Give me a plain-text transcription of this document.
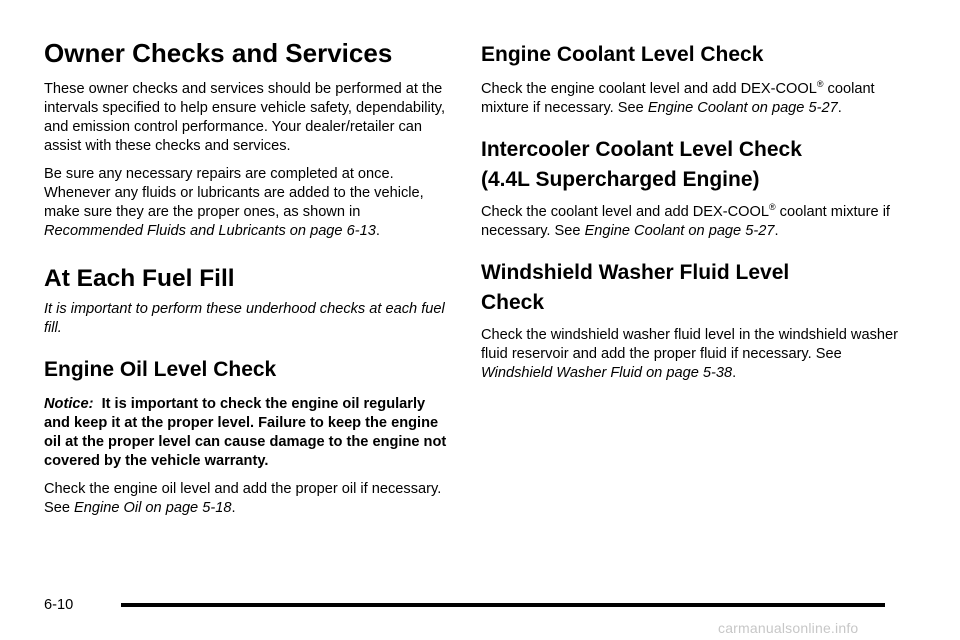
Owner Checks and Services

These owner checks and services should be performed at the intervals specified to help ensure vehicle safety, dependability, and emission control performance. Your dealer/retailer can assist with these checks and services.

Be sure any necessary repairs are completed at once. Whenever any fluids or lubricants are added to the vehicle, make sure they are the proper ones, as shown in Recommended Fluids and Lubricants on page 6-13.

At Each Fuel Fill

It is important to perform these underhood checks at each fuel fill.

Engine Oil Level Check

Notice: It is important to check the engine oil regularly and keep it at the proper level. Failure to keep the engine oil at the proper level can cause damage to the engine not covered by the vehicle warranty.

Check the engine oil level and add the proper oil if necessary. See Engine Oil on page 5-18.

Engine Coolant Level Check

Check the engine coolant level and add DEX-COOL® coolant mixture if necessary. See Engine Coolant on page 5-27.

Intercooler Coolant Level Check
(4.4L Supercharged Engine)

Check the coolant level and add DEX-COOL® coolant mixture if necessary. See Engine Coolant on page 5-27.

Windshield Washer Fluid Level
Check

Check the windshield washer fluid level in the windshield washer fluid reservoir and add the proper fluid if necessary. See Windshield Washer Fluid on page 5-38.

6-10
carmanualsonline.info
